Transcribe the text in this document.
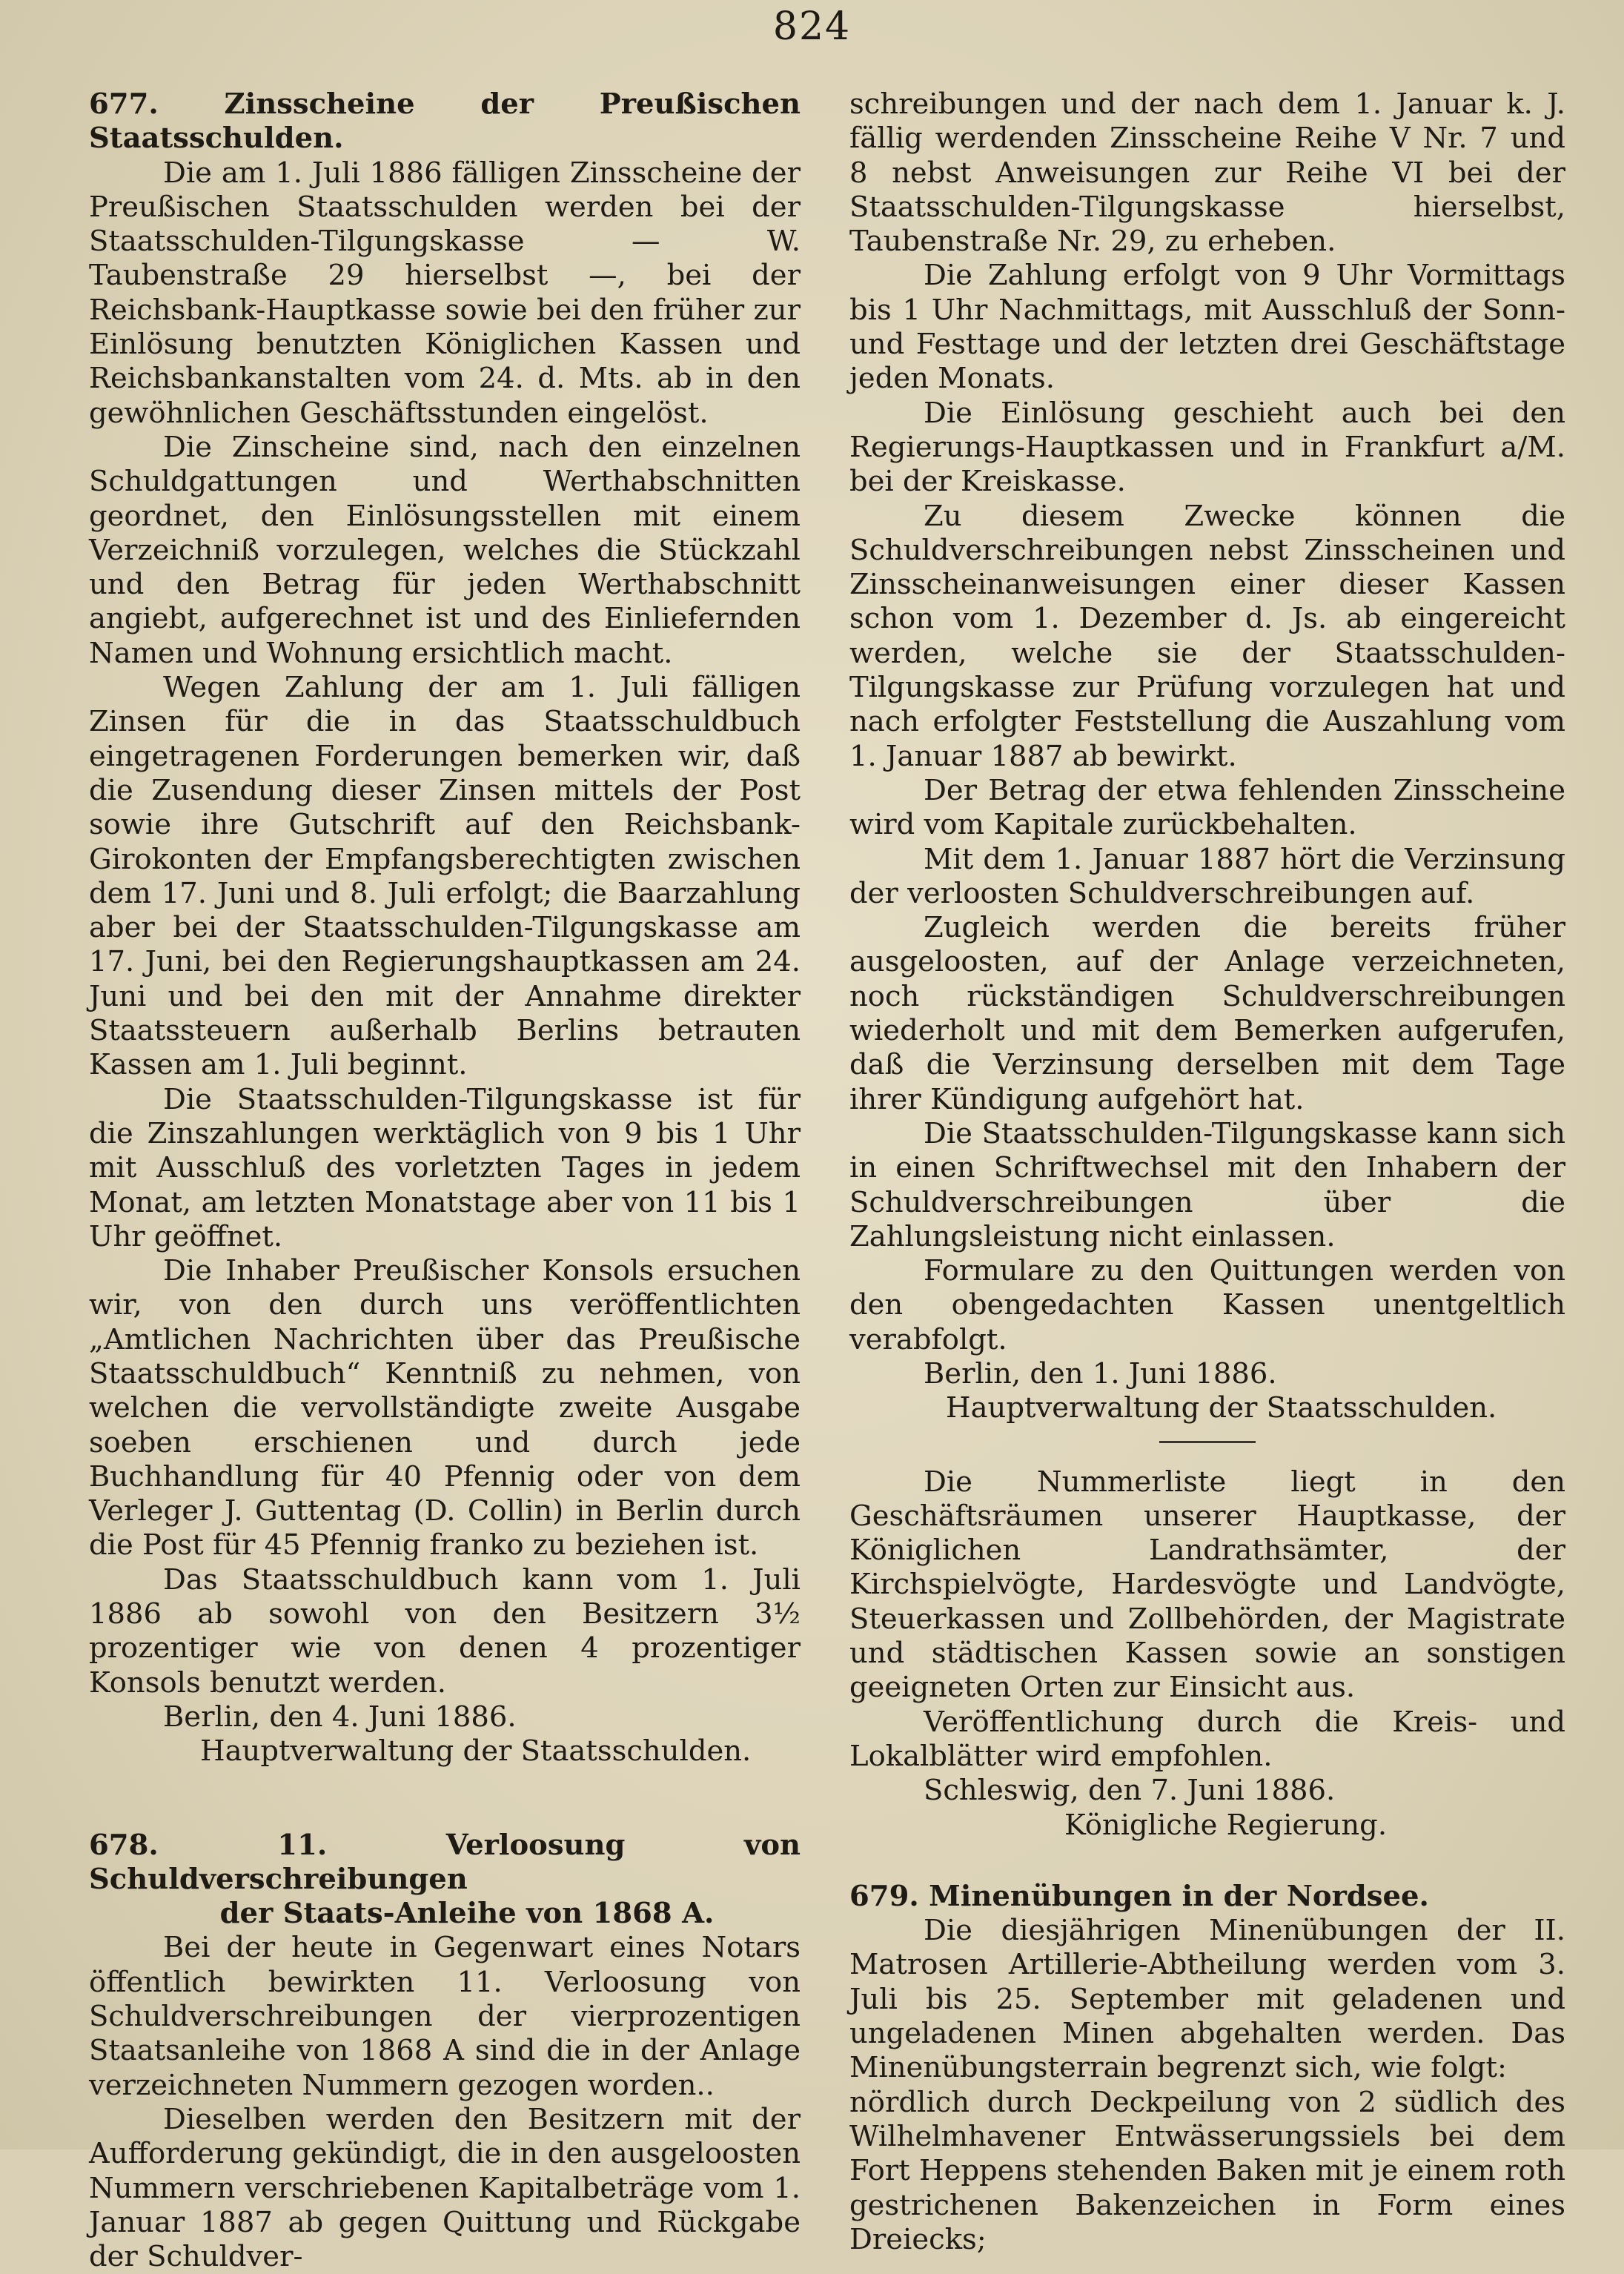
824

677. Zinsscheine der Preußischen Staatsschulden.

Die am 1. Juli 1886 fälligen Zinsscheine der Preußischen Staatsschulden werden bei der Staatsschulden-Tilgungskasse — W. Taubenstraße 29 hierselbst —, bei der Reichsbank-Hauptkasse sowie bei den früher zur Einlösung benutzten Königlichen Kassen und Reichsbankanstalten vom 24. d. Mts. ab in den gewöhnlichen Geschäftsstunden eingelöst.

Die Zinscheine sind, nach den einzelnen Schuldgattungen und Werthabschnitten geordnet, den Einlösungsstellen mit einem Verzeichniß vorzulegen, welches die Stückzahl und den Betrag für jeden Werthabschnitt angiebt, aufgerechnet ist und des Einliefernden Namen und Wohnung ersichtlich macht.

Wegen Zahlung der am 1. Juli fälligen Zinsen für die in das Staatsschuldbuch eingetragenen Forderungen bemerken wir, daß die Zusendung dieser Zinsen mittels der Post sowie ihre Gutschrift auf den Reichsbank-Girokonten der Empfangsberechtigten zwischen dem 17. Juni und 8. Juli erfolgt; die Baarzahlung aber bei der Staatsschulden-Tilgungskasse am 17. Juni, bei den Regierungshauptkassen am 24. Juni und bei den mit der Annahme direkter Staatssteuern außerhalb Berlins betrauten Kassen am 1. Juli beginnt.

Die Staatsschulden-Tilgungskasse ist für die Zinszahlungen werktäglich von 9 bis 1 Uhr mit Ausschluß des vorletzten Tages in jedem Monat, am letzten Monatstage aber von 11 bis 1 Uhr geöffnet.

Die Inhaber Preußischer Konsols ersuchen wir, von den durch uns veröffentlichten „Amtlichen Nachrichten über das Preußische Staatsschuldbuch“ Kenntniß zu nehmen, von welchen die vervollständigte zweite Ausgabe soeben erschienen und durch jede Buchhandlung für 40 Pfennig oder von dem Verleger J. Guttentag (D. Collin) in Berlin durch die Post für 45 Pfennig franko zu beziehen ist.

Das Staatsschuldbuch kann vom 1. Juli 1886 ab sowohl von den Besitzern 3½ prozentiger wie von denen 4 prozentiger Konsols benutzt werden.

Berlin, den 4. Juni 1886.

Hauptverwaltung der Staatsschulden.

678. 11. Verloosung von Schuldverschreibungen

der Staats-Anleihe von 1868 A.

Bei der heute in Gegenwart eines Notars öffentlich bewirkten 11. Verloosung von Schuldverschreibungen der vierprozentigen Staatsanleihe von 1868 A sind die in der Anlage verzeichneten Nummern gezogen worden..

Dieselben werden den Besitzern mit der Aufforderung gekündigt, die in den ausgeloosten Nummern verschriebenen Kapitalbeträge vom 1. Januar 1887 ab gegen Quittung und Rückgabe der Schuldver-

schreibungen und der nach dem 1. Januar k. J. fällig werdenden Zinsscheine Reihe V Nr. 7 und 8 nebst Anweisungen zur Reihe VI bei der Staatsschulden-Tilgungskasse hierselbst, Taubenstraße Nr. 29, zu erheben.

Die Zahlung erfolgt von 9 Uhr Vormittags bis 1 Uhr Nachmittags, mit Ausschluß der Sonn- und Festtage und der letzten drei Geschäftstage jeden Monats.

Die Einlösung geschieht auch bei den Regierungs-Hauptkassen und in Frankfurt a/M. bei der Kreiskasse.

Zu diesem Zwecke können die Schuldverschreibungen nebst Zinsscheinen und Zinsscheinanweisungen einer dieser Kassen schon vom 1. Dezember d. Js. ab eingereicht werden, welche sie der Staatsschulden-Tilgungskasse zur Prüfung vorzulegen hat und nach erfolgter Feststellung die Auszahlung vom 1. Januar 1887 ab bewirkt.

Der Betrag der etwa fehlenden Zinsscheine wird vom Kapitale zurückbehalten.

Mit dem 1. Januar 1887 hört die Verzinsung der verloosten Schuldverschreibungen auf.

Zugleich werden die bereits früher ausgeloosten, auf der Anlage verzeichneten, noch rückständigen Schuldverschreibungen wiederholt und mit dem Bemerken aufgerufen, daß die Verzinsung derselben mit dem Tage ihrer Kündigung aufgehört hat.

Die Staatsschulden-Tilgungskasse kann sich in einen Schriftwechsel mit den Inhabern der Schuldverschreibungen über die Zahlungsleistung nicht einlassen.

Formulare zu den Quittungen werden von den obengedachten Kassen unentgeltlich verabfolgt.

Berlin, den 1. Juni 1886.

Hauptverwaltung der Staatsschulden.

Die Nummerliste liegt in den Geschäftsräumen unserer Hauptkasse, der Königlichen Landrathsämter, der Kirchspielvögte, Hardesvögte und Landvögte, Steuerkassen und Zollbehörden, der Magistrate und städtischen Kassen sowie an sonstigen geeigneten Orten zur Einsicht aus.

Veröffentlichung durch die Kreis- und Lokalblätter wird empfohlen.

Schleswig, den 7. Juni 1886.

Königliche Regierung.

679. Minenübungen in der Nordsee.

Die diesjährigen Minenübungen der II. Matrosen Artillerie-Abtheilung werden vom 3. Juli bis 25. September mit geladenen und ungeladenen Minen abgehalten werden. Das Minenübungsterrain begrenzt sich, wie folgt:

nördlich durch Deckpeilung von 2 südlich des Wilhelmhavener Entwässerungssiels bei dem Fort Heppens stehenden Baken mit je einem roth gestrichenen Bakenzeichen in Form eines Dreiecks;
